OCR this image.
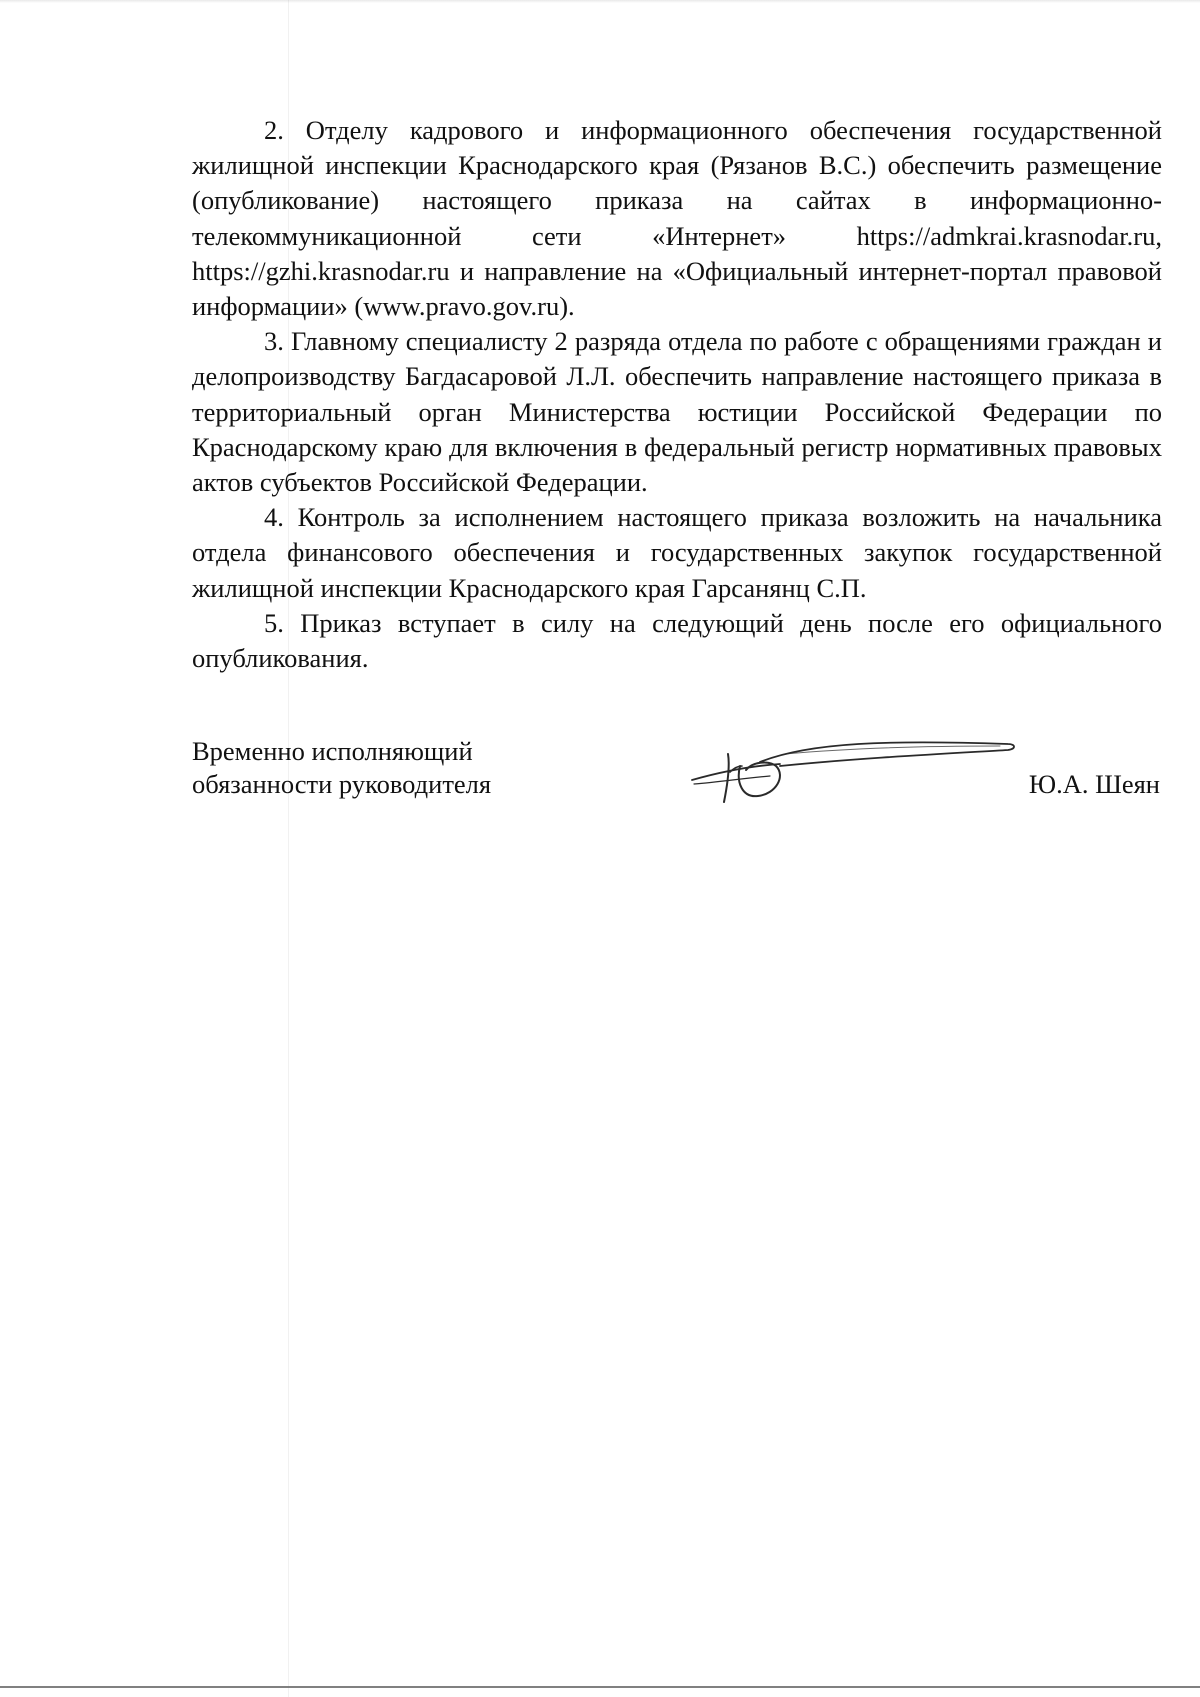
2. Отделу кадрового и информационного обеспечения государственной жилищной инспекции Краснодарского края (Рязанов В.С.) обеспечить размещение (опубликование) настоящего приказа на сайтах в информационно-телекоммуникационной сети «Интернет» https://admkrai.krasnodar.ru, https://gzhi.krasnodar.ru и направление на «Официальный интернет-портал правовой информации» (www.pravo.gov.ru).

3. Главному специалисту 2 разряда отдела по работе с обращениями граждан и делопроизводству Багдасаровой Л.Л. обеспечить направление настоящего приказа в территориальный орган Министерства юстиции Российской Федерации по Краснодарскому краю для включения в федеральный регистр нормативных правовых актов субъектов Российской Федерации.

4. Контроль за исполнением настоящего приказа возложить на начальника отдела финансового обеспечения и государственных закупок государственной жилищной инспекции Краснодарского края Гарсанянц С.П.

5. Приказ вступает в силу на следующий день после его официального опубликования.

Временно исполняющий
обязанности руководителя	Ю.А. Шеян
